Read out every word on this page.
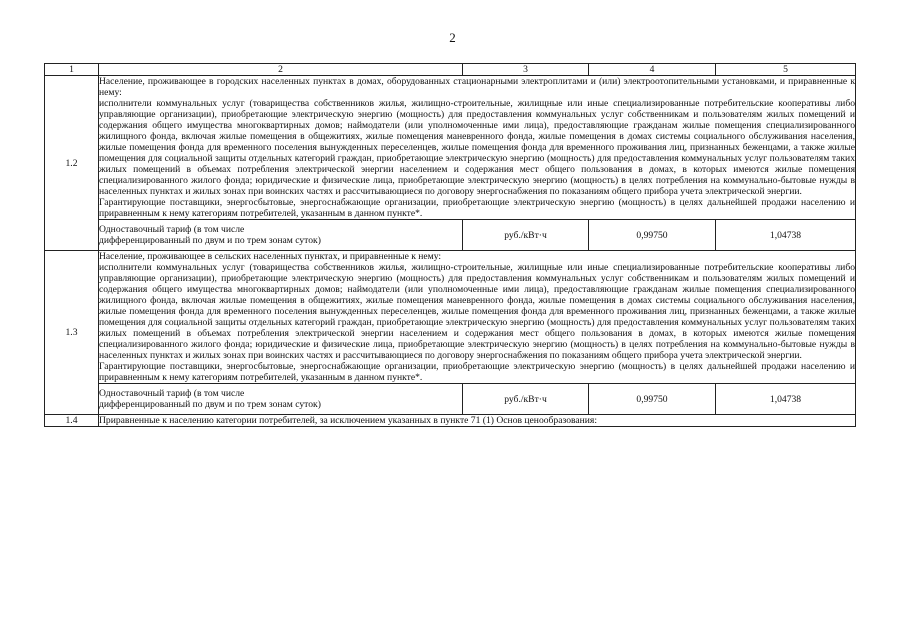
2
1	2	3	4	5
1.2	Население, проживающее в городских населенных пунктах в домах, оборудованных стационарными электроплитами и (или) электроотопительными установками, и приравненные к нему:

исполнители коммунальных услуг (товарищества собственников жилья, жилищно-строительные, жилищные или иные специализированные потребительские кооперативы либо управляющие организации), приобретающие электрическую энергию (мощность) для предоставления коммунальных услуг собственникам и пользователям жилых помещений и содержания общего имущества многоквартирных домов; наймодатели (или уполномоченные ими лица), предоставляющие гражданам жилые помещения специализированного жилищного фонда, включая жилые помещения в общежитиях, жилые помещения маневренного фонда, жилые помещения в домах системы социального обслуживания населения, жилые помещения фонда для временного поселения вынужденных переселенцев, жилые помещения фонда для временного проживания лиц, признанных беженцами, а также жилые помещения для социальной защиты отдельных категорий граждан, приобретающие электрическую энергию (мощность) для предоставления коммунальных услуг пользователям таких жилых помещений в объемах потребления электрической энергии населением и содержания мест общего пользования в домах, в которых имеются жилые помещения специализированного жилого фонда; юридические и физические лица, приобретающие электрическую энергию (мощность) в целях потребления на коммунально-бытовые нужды в населенных пунктах и жилых зонах при воинских частях и рассчитывающиеся по договору энергоснабжения по показаниям общего прибора учета электрической энергии.

Гарантирующие поставщики, энергосбытовые, энергоснабжающие организации, приобретающие электрическую энергию (мощность) в целях дальнейшей продажи населению и приравненным к нему категориям потребителей, указанным в данном пункте*.			

	Одноставочный тариф (в том числе
дифференцированный по двум и по трем зонам суток)	руб./кВт·ч	0,99750	1,04738
1.3	Население, проживающее в сельских населенных пунктах, и приравненные к нему:

исполнители коммунальных услуг (товарищества собственников жилья, жилищно-строительные, жилищные или иные специализированные потребительские кооперативы либо управляющие организации), приобретающие электрическую энергию (мощность) для предоставления коммунальных услуг собственникам и пользователям жилых помещений и содержания общего имущества многоквартирных домов; наймодатели (или уполномоченные ими лица), предоставляющие гражданам жилые помещения специализированного жилищного фонда, включая жилые помещения в общежитиях, жилые помещения маневренного фонда, жилые помещения в домах системы социального обслуживания населения, жилые помещения фонда для временного поселения вынужденных переселенцев, жилые помещения фонда для временного проживания лиц, признанных беженцами, а также жилые помещения для социальной защиты отдельных категорий граждан, приобретающие электрическую энергию (мощность) для предоставления коммунальных услуг пользователям таких жилых помещений в объемах потребления электрической энергии населением и содержания мест общего пользования в домах, в которых имеются жилые помещения специализированного жилого фонда; юридические и физические лица, приобретающие электрическую энергию (мощность) в целях потребления на коммунально-бытовые нужды в населенных пунктах и жилых зонах при воинских частях и рассчитывающиеся по договору энергоснабжения по показаниям общего прибора учета электрической энергии.

Гарантирующие поставщики, энергосбытовые, энергоснабжающие организации, приобретающие электрическую энергию (мощность) в целях дальнейшей продажи населению и приравненным к нему категориям потребителей, указанным в данном пункте*.			

	Одноставочный тариф (в том числе
дифференцированный по двум и по трем зонам суток)	руб./кВт·ч	0,99750	1,04738
1.4	Приравненные к населению категории потребителей, за исключением указанных в пункте 71 (1) Основ ценообразования:			
